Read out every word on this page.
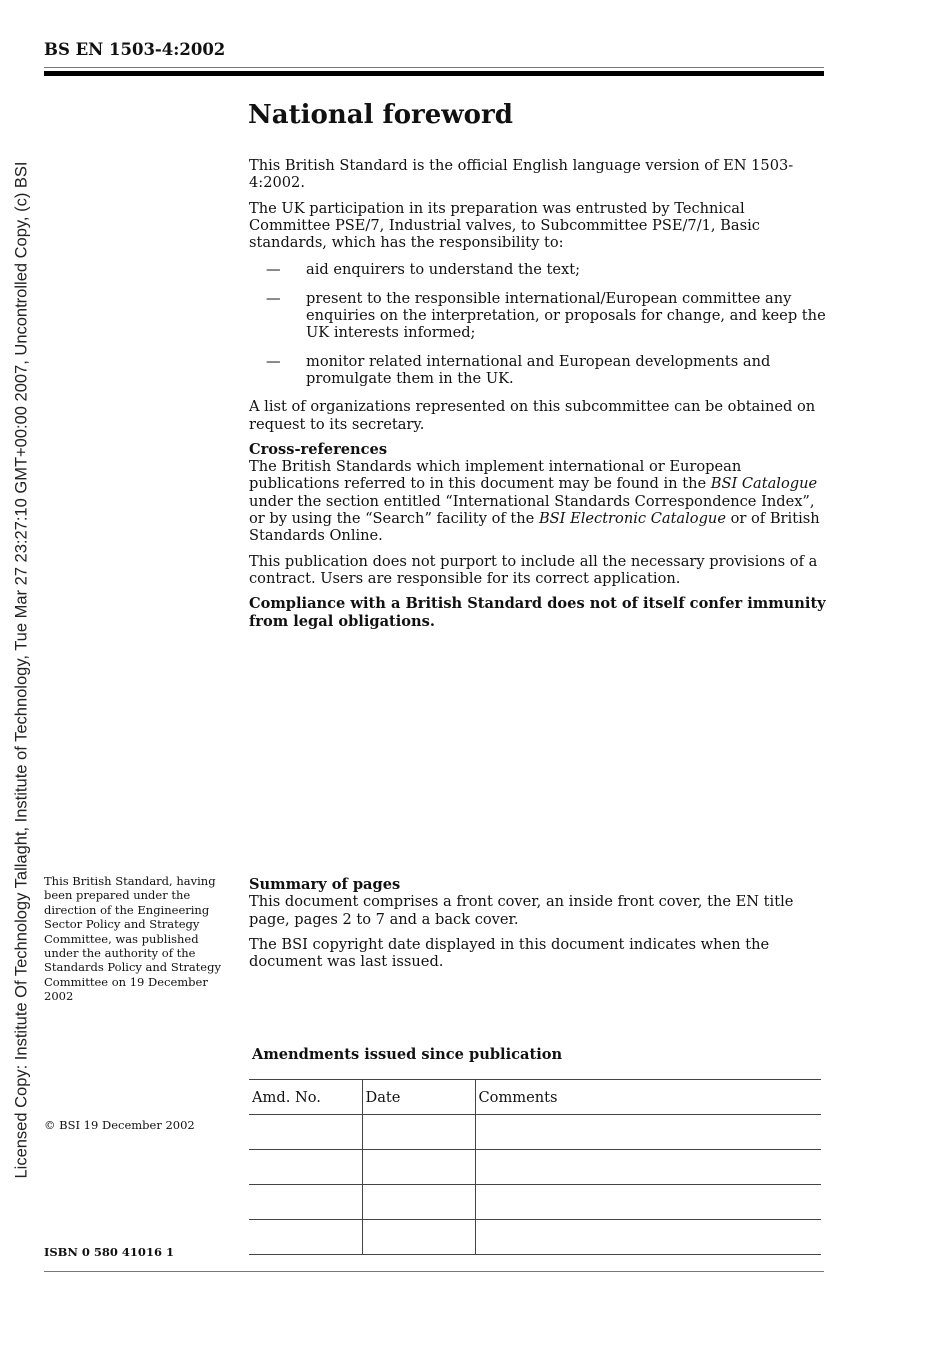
Licensed Copy: Institute Of Technology Tallaght, Institute of Technology, Tue Mar 27 23:27:10 GMT+00:00 2007, Uncontrolled Copy, (c) BSI
BS EN 1503-4:2002
National foreword

This British Standard is the official English language version of EN 1503-4:2002.

The UK participation in its preparation was entrusted by Technical Committee PSE/7, Industrial valves, to Subcommittee PSE/7/1, Basic standards, which has the responsibility to:

— aid enquirers to understand the text;
— present to the responsible international/European committee any enquiries on the interpretation, or proposals for change, and keep the UK interests informed;
— monitor related international and European developments and promulgate them in the UK.

A list of organizations represented on this subcommittee can be obtained on request to its secretary.

Cross-references

The British Standards which implement international or European publications referred to in this document may be found in the BSI Catalogue under the section entitled “International Standards Correspondence Index”, or by using the “Search” facility of the BSI Electronic Catalogue or of British Standards Online.

This publication does not purport to include all the necessary provisions of a contract. Users are responsible for its correct application.

Compliance with a British Standard does not of itself confer immunity from legal obligations.

This British Standard, having been prepared under the direction of the Engineering Sector Policy and Strategy Committee, was published under the authority of the Standards Policy and Strategy Committee on 19 December 2002

Summary of pages

This document comprises a front cover, an inside front cover, the EN title page, pages 2 to 7 and a back cover.

The BSI copyright date displayed in this document indicates when the document was last issued.

Amendments issued since publication
Amd. No.	Date	Comments

© BSI 19 December 2002
ISBN 0 580 41016 1
